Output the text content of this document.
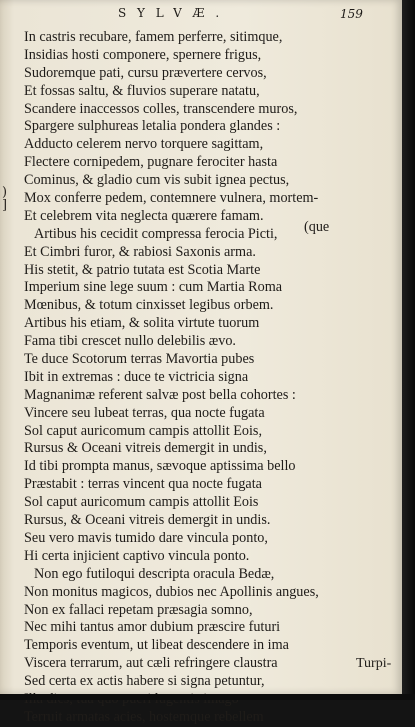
)
]
SYLVÆ.	159
In castris recubare, famem perferre, sitimque,
Insidias hosti componere, spernere frigus,
Sudoremque pati, cursu prævertere cervos,
Et fossas saltu, & fluvios superare natatu,
Scandere inaccessos colles, transcendere muros,
Spargere sulphureas letalia pondera glandes :
Adducto celerem nervo torquere sagittam,
Flectere cornipedem, pugnare ferociter hasta
Cominus, & gladio cum vis subit ignea pectus,
Mox conferre pedem, contemnere vulnera, mortem-
Et celebrem vita neglecta quærere famam.
Artibus his cecidit compressa ferocia Picti,
Et Cimbri furor, & rabiosi Saxonis arma.
His stetit, & patrio tutata est Scotia Marte
Imperium sine lege suum : cum Martia Roma
Mœnibus, & totum cinxisset legibus orbem.
Artibus his etiam, & solita virtute tuorum
Fama tibi crescet nullo delebilis ævo.
Te duce Scotorum terras Mavortia pubes
Ibit in extremas : duce te victricia signa
Magnanimæ referent salvæ post bella cohortes :
Vincere seu lubeat terras, qua nocte fugata
Sol caput auricomum campis attollit Eois,
Rursus & Oceani vitreis demergit in undis,
Id tibi prompta manus, sævoque aptissima bello
Præstabit : terras vincent qua nocte fugata
Sol caput auricomum campis attollit Eois
Rursus, & Oceani vitreis demergit in undis.
Seu vero mavis tumido dare vincula ponto,
Hi certa injicient captivo vincula ponto.
Non ego futiloqui descripta oracula Bedæ,
Non monitus magicos, dubios nec Apollinis angues,
Non ex fallaci repetam præsagia somno,
Nec mihi tantus amor dubium præscire futuri
Temporis eventum, ut libeat descendere in ima
Viscera terrarum, aut cæli refringere claustra
Sed certa ex actis habere si signa petuntur,
Terruit armatas acies, hostemque rebellem
(que
Turpi-
